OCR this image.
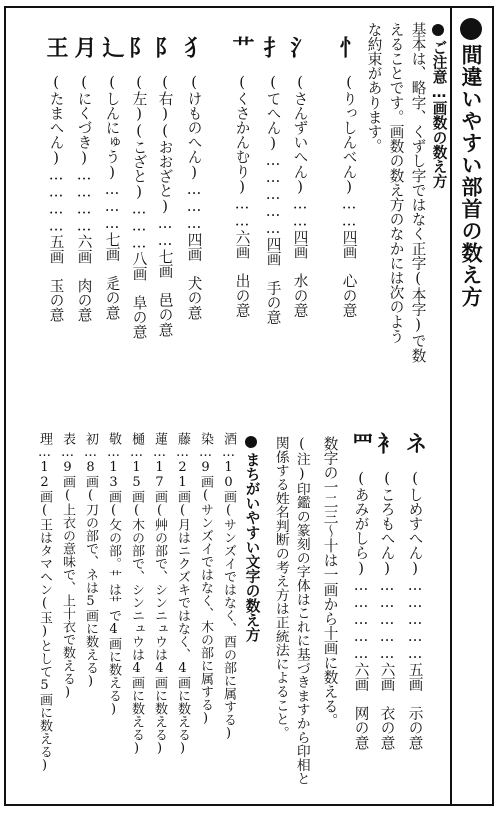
間違いやすい部首の数え方
ご注意…画数の数え方
基本は、略字、くずし字ではなく正字(本字)で数
えることです。画数の数え方のなかには次のよう
な約束があります。
忄
(りっしんべん)……四画　心の意
氵
(さんずいへん)……四画　水の意
扌
(てへん)……………四画　手の意
艹
(くさかんむり)……六画　出の意
犭
(けものへん)………四画　犬の意
阝
(右)(おおざと)……七画　邑の意
阝
(左)(こざと)………八画　阜の意
辶
(しんにゅう)………七画　辵の意
月
(にくづき)…………六画　肉の意
王
(たまへん)…………五画　玉の意
ネ
(しめすへん)……………五画　示の意
衤
(ころもへん)……………六画　衣の意
罒
(あみがしら)……………六画　网の意
数字の一二三〜十は一画から十画に数える。
(注)印鑑の篆刻の字体はこれに基づきますから印相と
関係する姓名判断の考え方は正統法によること。
まちがいやすい文字の数え方
酒…10画(サンズイではなく、酉の部に属する)
染…9画(サンズイではなく、木の部に属する)
藤…21画(月はニクズキではなく、4画に数える)
蓮…17画(艸の部で、シンニュウは4画に数える)
樋…15画(木の部で、シンニュウは4画に数える)
敬…13画(攵の部。艹は艹で4画に数える)
初…8画(刀の部で、ネは5画に数える)
表…9画(上衣の意味で、上十衣で数える)
理…12画(王はタマヘン(玉)として5画に数える)
